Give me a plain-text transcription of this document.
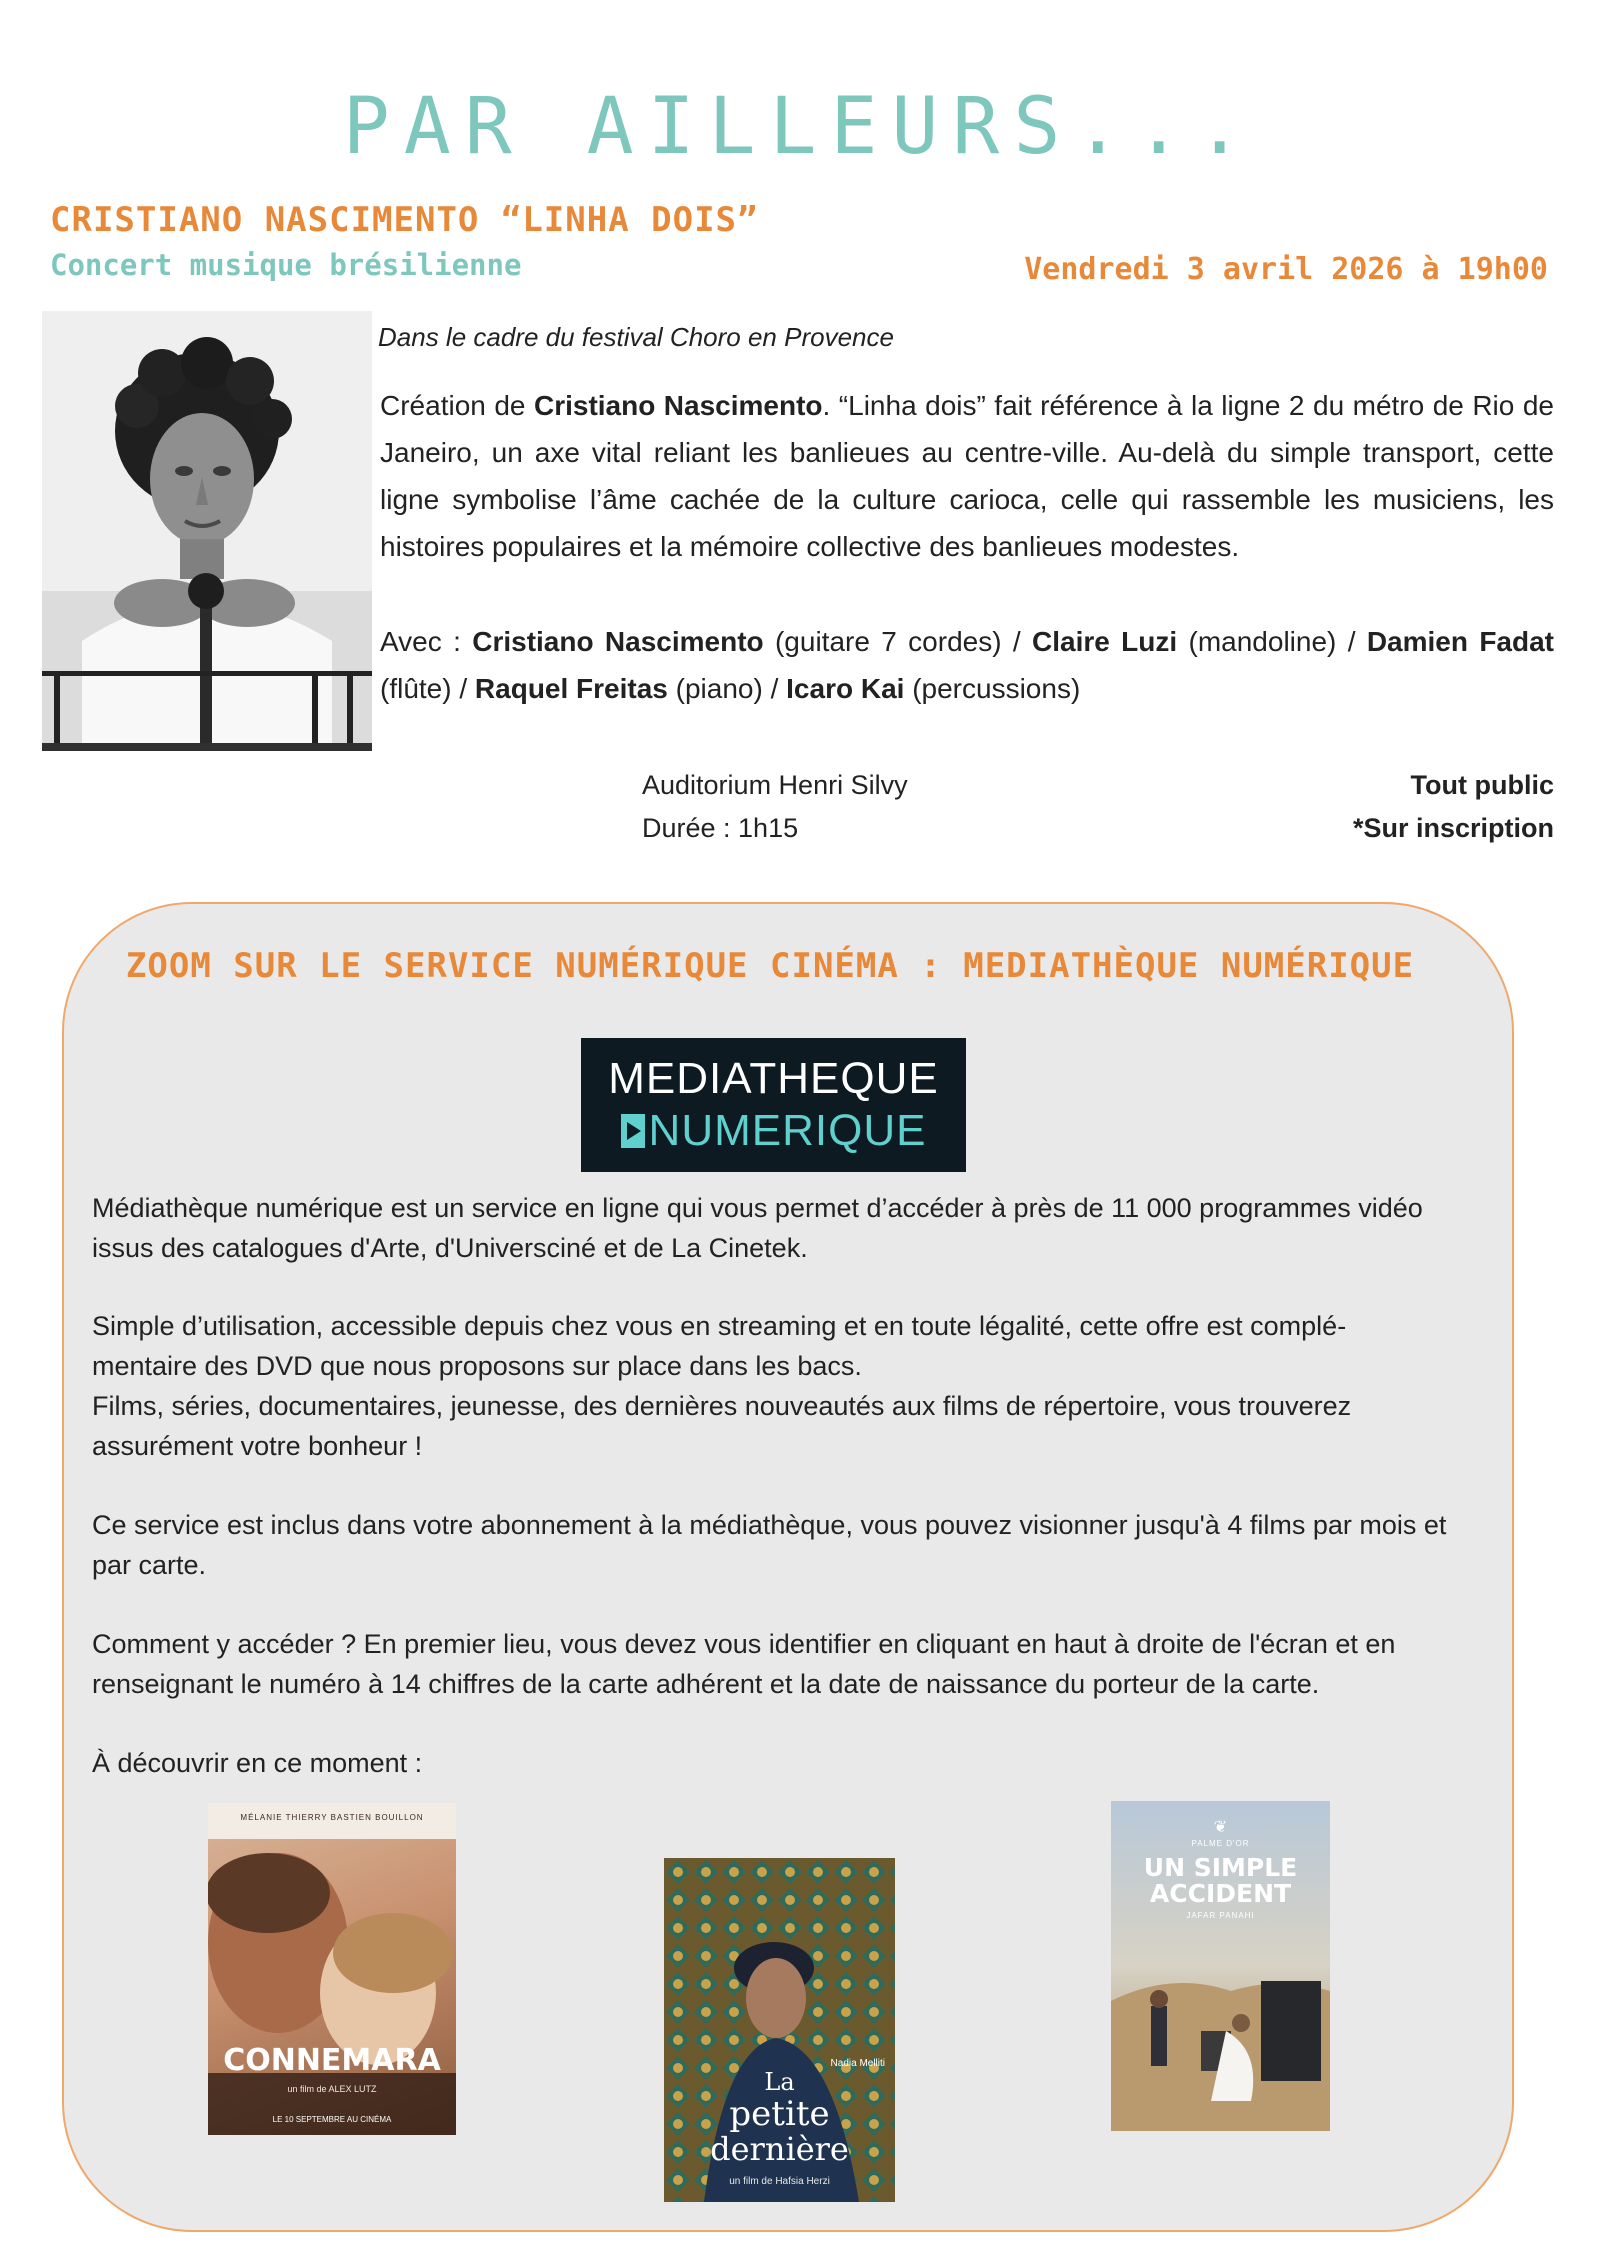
PAR AILLEURS...
CRISTIANO NASCIMENTO “LINHA DOIS”
Concert musique brésilienne	Vendredi 3 avril 2026 à 19h00
Dans le cadre du festival Choro en Provence
Création de Cristiano Nascimento. “Linha dois” fait référence à la ligne 2 du métro de Rio de Janeiro, un axe vital reliant les banlieues au centre-ville. Au-delà du simple transport, cette ligne symbolise l’âme cachée de la culture carioca, celle qui rassemble les musiciens, les histoires populaires et la mémoire collective des banlieues modestes.
Avec : Cristiano Nascimento (guitare 7 cordes) / Claire Luzi (mandoline) / Damien Fadat (flûte) / Raquel Freitas (piano) / Icaro Kai (percussions)
Auditorium Henri Silvy
Durée : 1h15
Tout public
*Sur inscription
ZOOM SUR LE SERVICE NUMÉRIQUE CINÉMA : MEDIATHÈQUE NUMÉRIQUE
MEDIATHEQUE
NUMERIQUE
Médiathèque numérique est un service en ligne qui vous permet d’accéder à près de 11 000 programmes vidéo issus des catalogues d'Arte, d'Universciné et de La Cinetek.
Simple d’utilisation, accessible depuis chez vous en streaming et en toute légalité, cette offre est complé-
mentaire des DVD que nous proposons sur place dans les bacs.
Films, séries, documentaires, jeunesse, des dernières nouveautés aux films de répertoire, vous trouverez assurément votre bonheur !
Ce service est inclus dans votre abonnement à la médiathèque, vous pouvez visionner jusqu'à 4 films par mois et par carte.
Comment y accéder ? En premier lieu, vous devez vous identifier en cliquant en haut à droite de l'écran et en renseignant le numéro à 14 chiffres de la carte adhérent et la date de naissance du porteur de la carte.
À découvrir en ce moment :
MÉLANIE THIERRY BASTIEN BOUILLON
CONNEMARA
un film de ALEX LUTZ
LE 10 SEPTEMBRE AU CINÉMA
La
petite
dernière
Nadia Melliti
un film de Hafsia Herzi
❦
PALME D'OR
UN SIMPLE
ACCIDENT
JAFAR PANAHI
